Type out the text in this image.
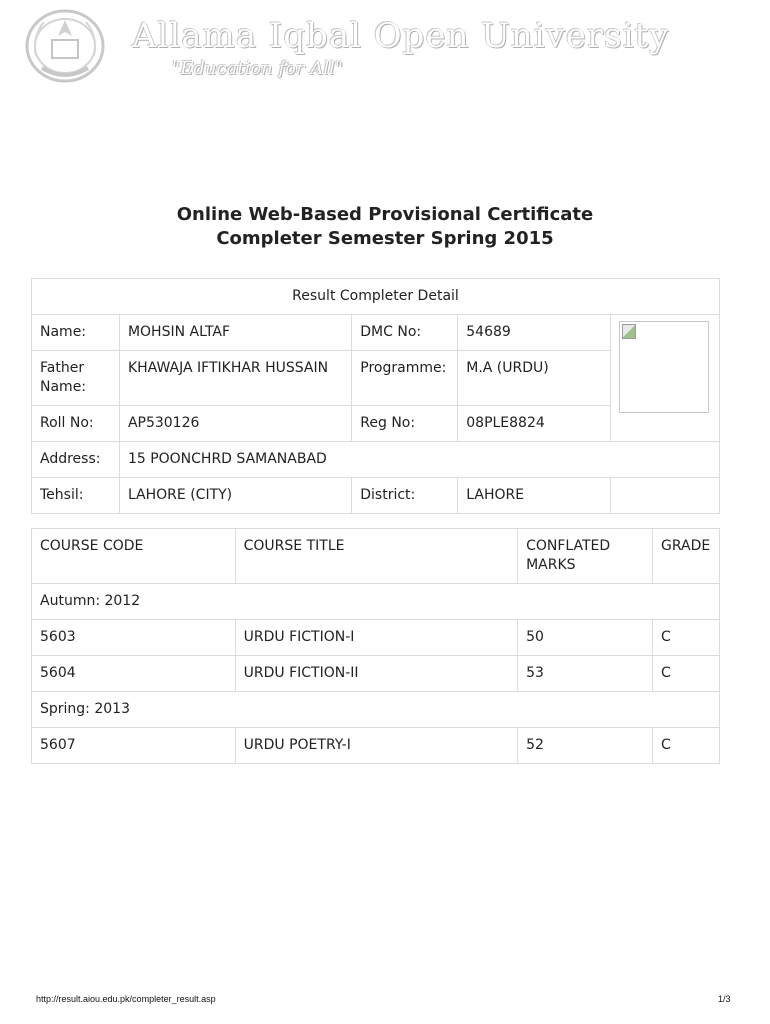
Allama Iqbal Open University
"Education for All"
Online Web-Based Provisional Certificate
Completer Semester Spring 2015
Result Completer Detail				
Name:	MOHSIN ALTAF	DMC No:	54689	

Father Name:	KHAWAJA IFTIKHAR HUSSAIN	Programme:	M.A (URDU)	
Roll No:	AP530126	Reg No:	08PLE8824	
Address:	15 POONCHRD SAMANABAD			
Tehsil:	LAHORE (CITY)	District:	LAHORE	
COURSE CODE	COURSE TITLE	CONFLATED MARKS	GRADE
Autumn: 2012			
5603	URDU FICTION-I	50	C
5604	URDU FICTION-II	53	C
Spring: 2013			
5607	URDU POETRY-I	52	C
http://result.aiou.edu.pk/completer_result.asp	1/3
